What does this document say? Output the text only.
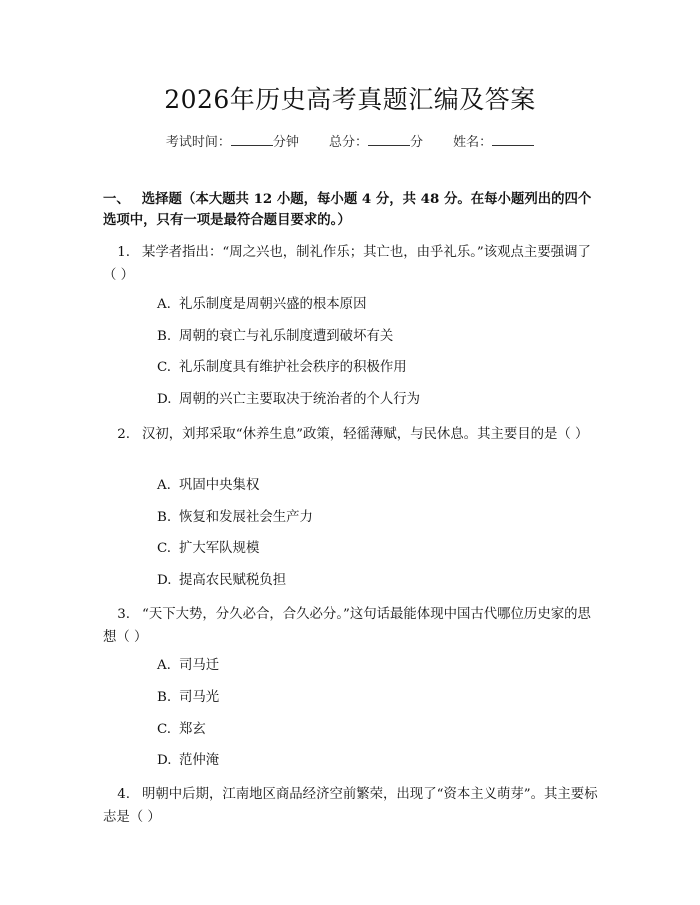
2026年历史高考真题汇编及答案
考试时间：	分钟 总分：	分 姓名：
一、 选择题（本大题共 12 小题，每小题 4 分，共 48 分。在每小题列出的四个选项中，只有一项是最符合题目要求的。）
1. 某学者指出：“周之兴也，制礼作乐；其亡也，由乎礼乐。”该观点主要强调了（ ）
A. 礼乐制度是周朝兴盛的根本原因
B. 周朝的衰亡与礼乐制度遭到破坏有关
C. 礼乐制度具有维护社会秩序的积极作用
D. 周朝的兴亡主要取决于统治者的个人行为
2. 汉初，刘邦采取“休养生息”政策，轻徭薄赋，与民休息。其主要目的是（ ）
A. 巩固中央集权
B. 恢复和发展社会生产力
C. 扩大军队规模
D. 提高农民赋税负担
3. “天下大势，分久必合，合久必分。”这句话最能体现中国古代哪位历史家的思想（ ）
A. 司马迁
B. 司马光
C. 郑玄
D. 范仲淹
4. 明朝中后期，江南地区商品经济空前繁荣，出现了“资本主义萌芽”。其主要标志是（ ）
